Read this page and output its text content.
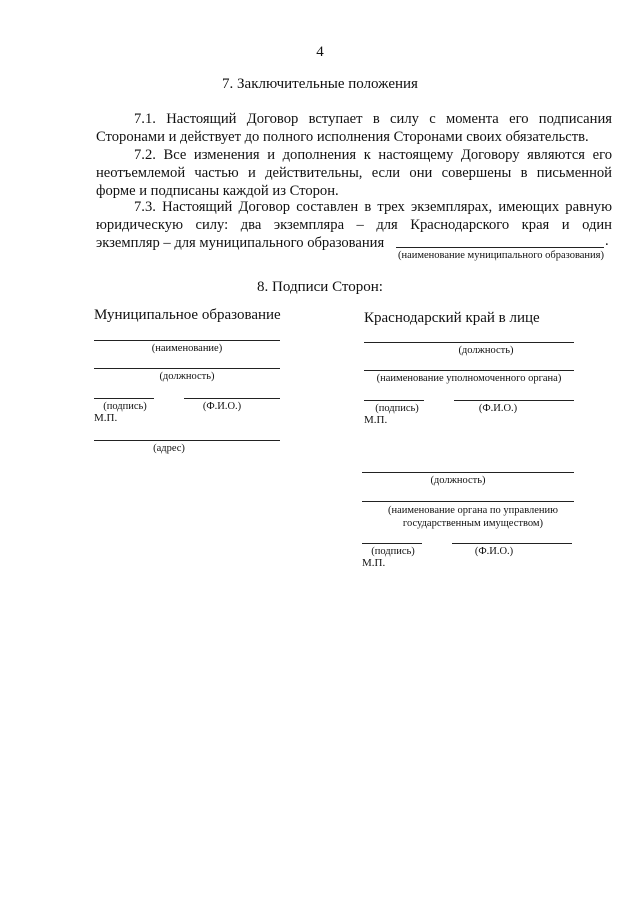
4
7. Заключительные положения
7.1. Настоящий Договор вступает в силу с момента его подписания
Сторонами и действует до полного исполнения Сторонами своих обязательств.
7.2. Все изменения и дополнения к настоящему Договору являются его
неотъемлемой частью и действительны, если они совершены в письменной
форме и подписаны каждой из Сторон.
7.3. Настоящий Договор составлен в трех экземплярах, имеющих равную
юридическую силу: два экземпляра – для Краснодарского края и один
экземпляр – для муниципального образования	.
(наименование муниципального образования)
8. Подписи Сторон:
Муниципальное образование
(наименование)
(должность)
(подпись)	(Ф.И.О.)
М.П.
(адрес)
Краснодарский край в лице
(должность)
(наименование уполномоченного органа)
(подпись)	(Ф.И.О.)
М.П.
(должность)
(наименование органа по управлению
государственным имуществом)
(подпись)	(Ф.И.О.)
М.П.
